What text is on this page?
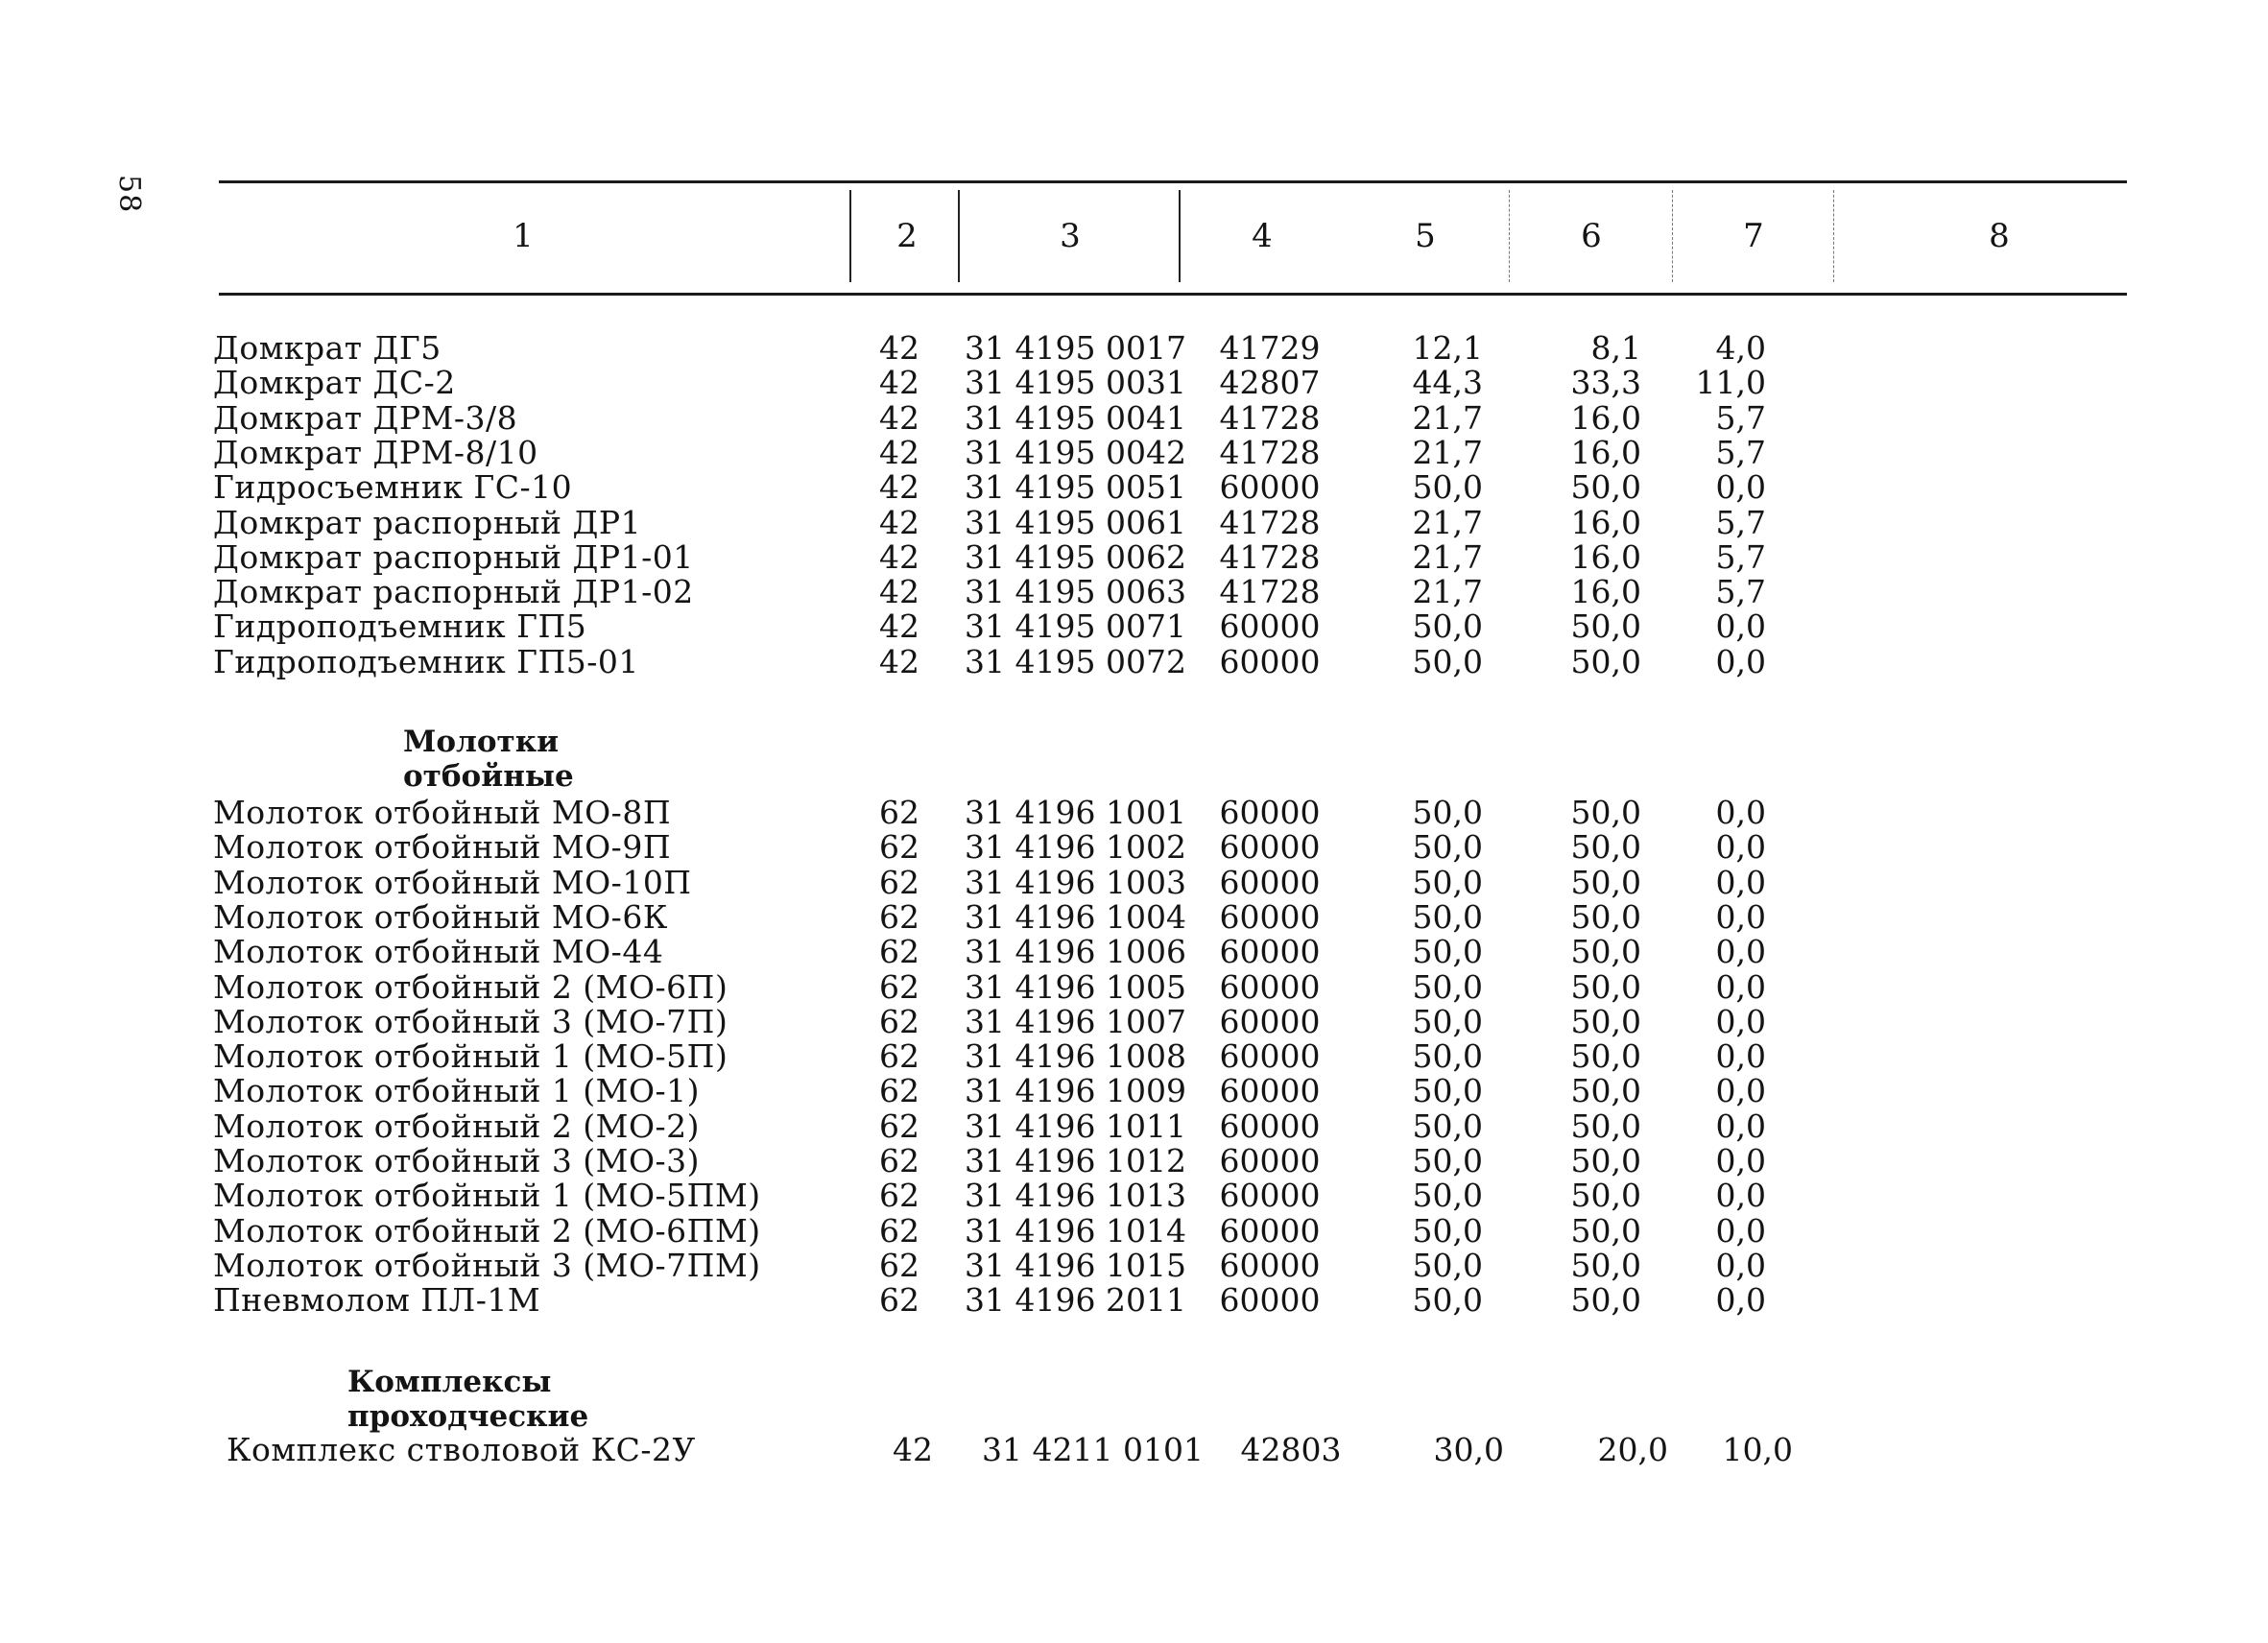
58
1	2	3	4	5	6	7	8
Домкрат ДГ5	42	31 4195 0017 41729	12,1	8,1	4,0
Домкрат ДС-2	42	31 4195 0031 42807	44,3	33,3	11,0
Домкрат ДРМ-3/8	42	31 4195 0041 41728	21,7	16,0	5,7
Домкрат ДРМ-8/10	42	31 4195 0042 41728	21,7	16,0	5,7
Гидросъемник ГС-10	42	31 4195 0051 60000	50,0	50,0	0,0
Домкрат распорный ДР1	42	31 4195 0061 41728	21,7	16,0	5,7
Домкрат распорный ДР1-01	42	31 4195 0062 41728	21,7	16,0	5,7
Домкрат распорный ДР1-02	42	31 4195 0063 41728	21,7	16,0	5,7
Гидроподъемник ГП5	42	31 4195 0071 60000	50,0	50,0	0,0
Гидроподъемник ГП5-01	42	31 4195 0072 60000	50,0	50,0	0,0
Молотки отбойные
Молоток отбойный МО-8П	62	31 4196 1001 60000	50,0	50,0	0,0
Молоток отбойный МО-9П	62	31 4196 1002 60000	50,0	50,0	0,0
Молоток отбойный МО-10П	62	31 4196 1003 60000	50,0	50,0	0,0
Молоток отбойный МО-6К	62	31 4196 1004 60000	50,0	50,0	0,0
Молоток отбойный МО-44	62	31 4196 1006 60000	50,0	50,0	0,0
Молоток отбойный 2 (МО-6П)	62	31 4196 1005 60000	50,0	50,0	0,0
Молоток отбойный 3 (МО-7П)	62	31 4196 1007 60000	50,0	50,0	0,0
Молоток отбойный 1 (МО-5П)	62	31 4196 1008 60000	50,0	50,0	0,0
Молоток отбойный 1 (МО-1)	62	31 4196 1009 60000	50,0	50,0	0,0
Молоток отбойный 2 (МО-2)	62	31 4196 1011 60000	50,0	50,0	0,0
Молоток отбойный 3 (МО-3)	62	31 4196 1012 60000	50,0	50,0	0,0
Молоток отбойный 1 (МО-5ПМ)	62	31 4196 1013 60000	50,0	50,0	0,0
Молоток отбойный 2 (МО-6ПМ)	62	31 4196 1014 60000	50,0	50,0	0,0
Молоток отбойный 3 (МО-7ПМ)	62	31 4196 1015 60000	50,0	50,0	0,0
Пневмолом ПЛ-1М	62	31 4196 2011 60000	50,0	50,0	0,0
Комплексы проходческие
Комплекс стволовой КС-2У	42	31 4211 0101 42803	30,0	20,0	10,0
